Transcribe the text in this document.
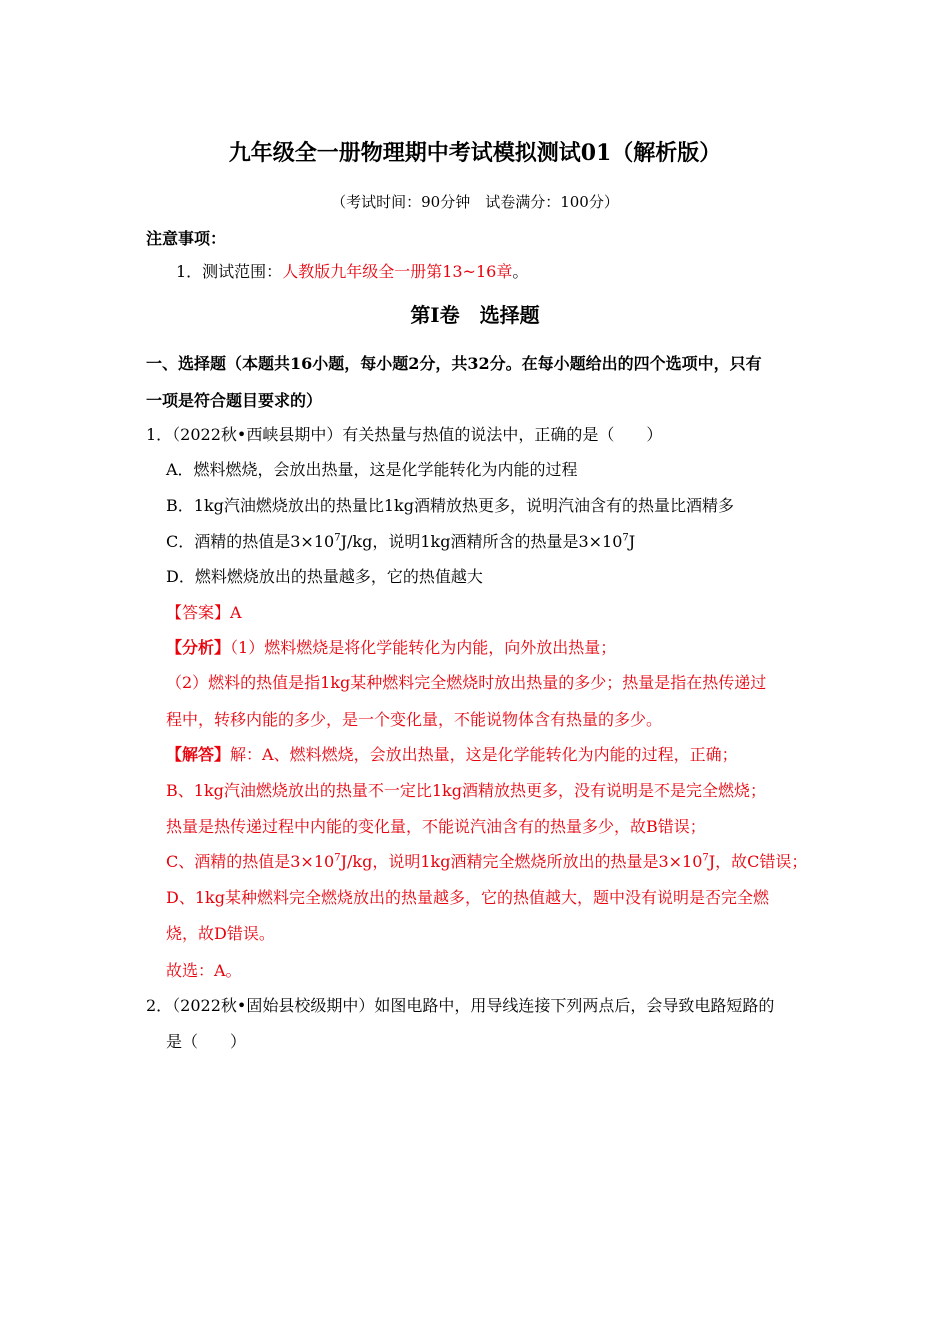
九年级全一册物理期中考试模拟测试01（解析版）
（考试时间：90分钟　试卷满分：100分）
注意事项：
1．测试范围：人教版九年级全一册第13~16章。
第Ⅰ卷　选择题
一、选择题（本题共16小题，每小题2分，共32分。在每小题给出的四个选项中，只有
一项是符合题目要求的）
1．（2022秋•西峡县期中）有关热量与热值的说法中，正确的是（　　）
A．燃料燃烧，会放出热量，这是化学能转化为内能的过程
B．1kg汽油燃烧放出的热量比1kg酒精放热更多，说明汽油含有的热量比酒精多
C．酒精的热值是$3\times 10^7J/kg$，说明1kg酒精所含的热量是$3\times 10^7J$
D．燃料燃烧放出的热量越多，它的热值越大
【答案】A
【分析】（1）燃料燃烧是将化学能转化为内能，向外放出热量；
（2）燃料的热值是指1kg某种燃料完全燃烧时放出热量的多少；热量是指在热传递过
程中，转移内能的多少，是一个变化量，不能说物体含有热量的多少。
【解答】解：A、燃料燃烧，会放出热量，这是化学能转化为内能的过程，正确；
B、1kg汽油燃烧放出的热量不一定比1kg酒精放热更多，没有说明是不是完全燃烧；
热量是热传递过程中内能的变化量，不能说汽油含有的热量多少，故B错误；
C、酒精的热值是$3\times 10^7J/kg$，说明1kg酒精完全燃烧所放出的热量是$3\times 10^7J$，故C错误；
D、1kg某种燃料完全燃烧放出的热量越多，它的热值越大，题中没有说明是否完全燃
烧，故D错误。
故选：A。
2．（2022秋•固始县校级期中）如图电路中，用导线连接下列两点后，会导致电路短路的
是（　　）
